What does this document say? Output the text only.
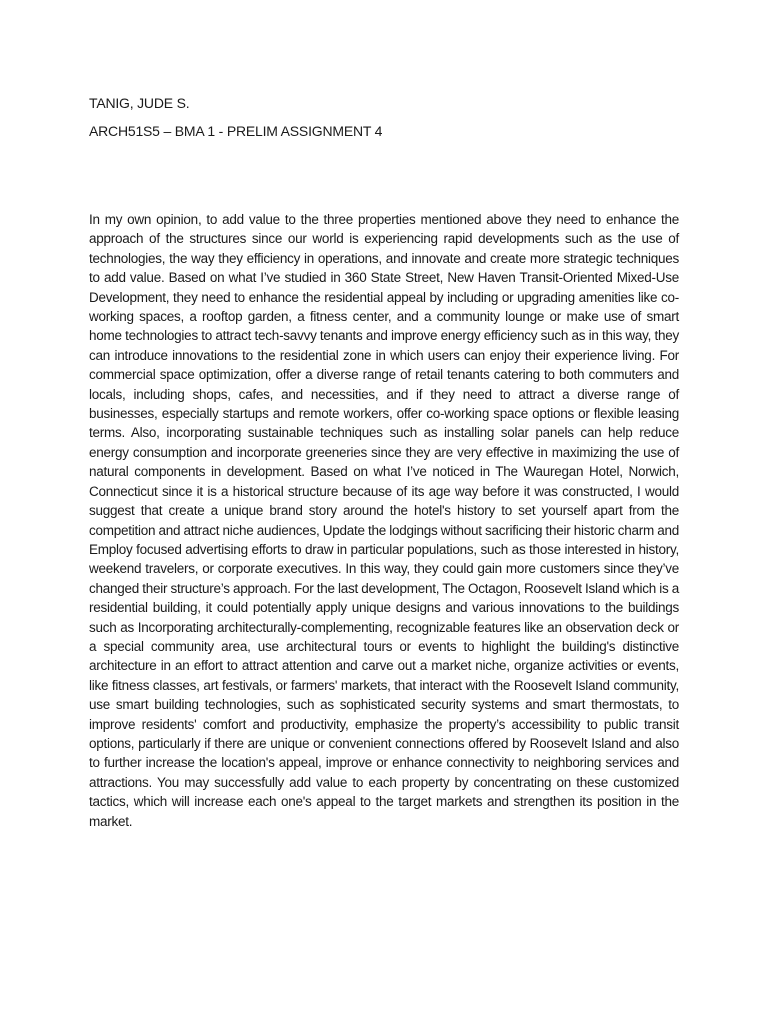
TANIG, JUDE S.
ARCH51S5 – BMA 1 - PRELIM ASSIGNMENT 4

In my own opinion, to add value to the three properties mentioned above they need to enhance the approach of the structures since our world is experiencing rapid developments such as the use of technologies, the way they efficiency in operations, and innovate and create more strategic techniques to add value. Based on what I’ve studied in 360 State Street, New Haven Transit-Oriented Mixed-Use Development, they need to enhance the residential appeal by including or upgrading amenities like co-working spaces, a rooftop garden, a fitness center, and a community lounge or make use of smart home technologies to attract tech-savvy tenants and improve energy efficiency such as in this way, they can introduce innovations to the residential zone in which users can enjoy their experience living. For commercial space optimization, offer a diverse range of retail tenants catering to both commuters and locals, including shops, cafes, and necessities, and if they need to attract a diverse range of businesses, especially startups and remote workers, offer co-working space options or flexible leasing terms. Also, incorporating sustainable techniques such as installing solar panels can help reduce energy consumption and incorporate greeneries since they are very effective in maximizing the use of natural components in development. Based on what I’ve noticed in The Wauregan Hotel, Norwich, Connecticut since it is a historical structure because of its age way before it was constructed, I would suggest that create a unique brand story around the hotel's history to set yourself apart from the competition and attract niche audiences, Update the lodgings without sacrificing their historic charm and Employ focused advertising efforts to draw in particular populations, such as those interested in history, weekend travelers, or corporate executives. In this way, they could gain more customers since they’ve changed their structure’s approach. For the last development, The Octagon, Roosevelt Island which is a residential building, it could potentially apply unique designs and various innovations to the buildings such as Incorporating architecturally-complementing, recognizable features like an observation deck or a special community area, use architectural tours or events to highlight the building's distinctive architecture in an effort to attract attention and carve out a market niche, organize activities or events, like fitness classes, art festivals, or farmers' markets, that interact with the Roosevelt Island community, use smart building technologies, such as sophisticated security systems and smart thermostats, to improve residents' comfort and productivity, emphasize the property’s accessibility to public transit options, particularly if there are unique or convenient connections offered by Roosevelt Island and also to further increase the location's appeal, improve or enhance connectivity to neighboring services and attractions. You may successfully add value to each property by concentrating on these customized tactics, which will increase each one's appeal to the target markets and strengthen its position in the market.
